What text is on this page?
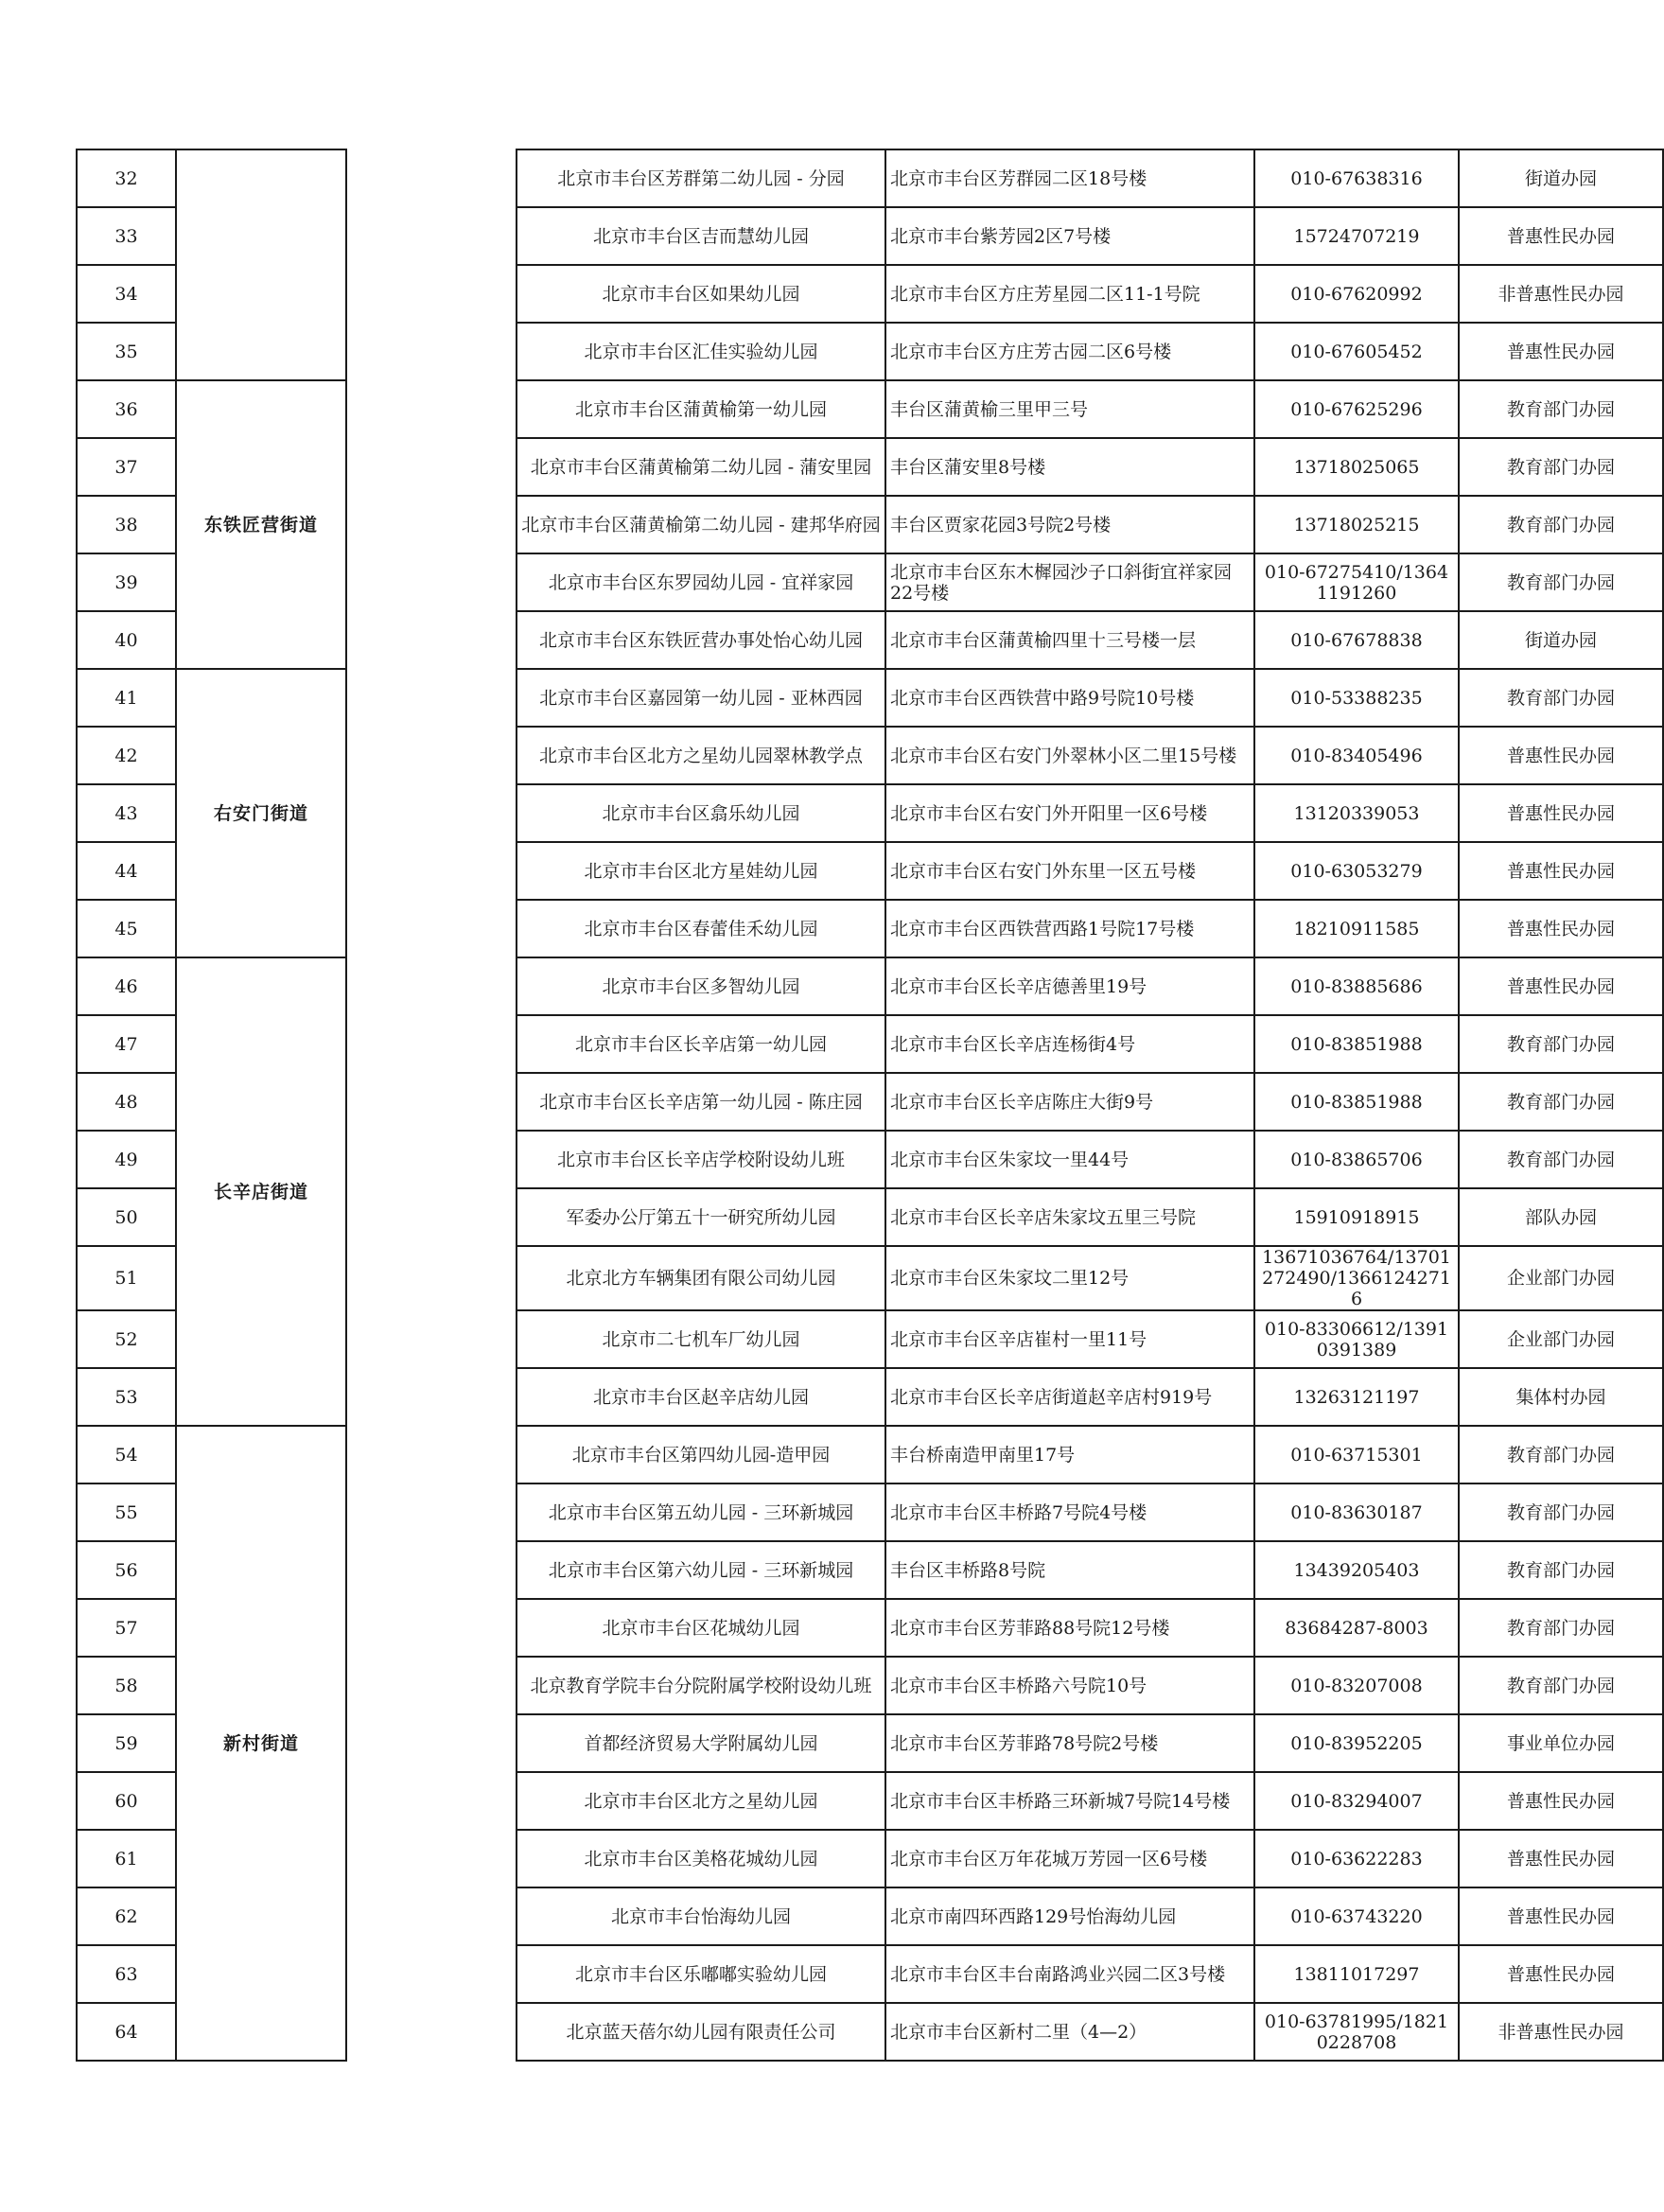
32			北京市丰台区芳群第二幼儿园 - 分园	北京市丰台区芳群园二区18号楼	010-67638316	街道办园
33			北京市丰台区吉而慧幼儿园	北京市丰台紫芳园2区7号楼	15724707219	普惠性民办园
34			北京市丰台区如果幼儿园	北京市丰台区方庄芳星园二区11-1号院	010-67620992	非普惠性民办园
35			北京市丰台区汇佳实验幼儿园	北京市丰台区方庄芳古园二区6号楼	010-67605452	普惠性民办园
36	东铁匠营街道		北京市丰台区蒲黄榆第一幼儿园	丰台区蒲黄榆三里甲三号	010-67625296	教育部门办园
37			北京市丰台区蒲黄榆第二幼儿园 - 蒲安里园	丰台区蒲安里8号楼	13718025065	教育部门办园
38			北京市丰台区蒲黄榆第二幼儿园 - 建邦华府园	丰台区贾家花园3号院2号楼	13718025215	教育部门办园
39			北京市丰台区东罗园幼儿园 - 宜祥家园	北京市丰台区东木樨园沙子口斜街宜祥家园22号楼	010-67275410/13641191260	教育部门办园
40			北京市丰台区东铁匠营办事处怡心幼儿园	北京市丰台区蒲黄榆四里十三号楼一层	010-67678838	街道办园
41	右安门街道		北京市丰台区嘉园第一幼儿园 - 亚林西园	北京市丰台区西铁营中路9号院10号楼	010-53388235	教育部门办园
42			北京市丰台区北方之星幼儿园翠林教学点	北京市丰台区右安门外翠林小区二里15号楼	010-83405496	普惠性民办园
43			北京市丰台区翕乐幼儿园	北京市丰台区右安门外开阳里一区6号楼	13120339053	普惠性民办园
44			北京市丰台区北方星娃幼儿园	北京市丰台区右安门外东里一区五号楼	010-63053279	普惠性民办园
45			北京市丰台区春蕾佳禾幼儿园	北京市丰台区西铁营西路1号院17号楼	18210911585	普惠性民办园
46	长辛店街道		北京市丰台区多智幼儿园	北京市丰台区长辛店德善里19号	010-83885686	普惠性民办园
47			北京市丰台区长辛店第一幼儿园	北京市丰台区长辛店连杨街4号	010-83851988	教育部门办园
48			北京市丰台区长辛店第一幼儿园 - 陈庄园	北京市丰台区长辛店陈庄大街9号	010-83851988	教育部门办园
49			北京市丰台区长辛店学校附设幼儿班	北京市丰台区朱家坟一里44号	010-83865706	教育部门办园
50			军委办公厅第五十一研究所幼儿园	北京市丰台区长辛店朱家坟五里三号院	15910918915	部队办园
51			北京北方车辆集团有限公司幼儿园	北京市丰台区朱家坟二里12号	13671036764/13701272490/13661242716	企业部门办园
52			北京市二七机车厂幼儿园	北京市丰台区辛店崔村一里11号	010-83306612/13910391389	企业部门办园
53			北京市丰台区赵辛店幼儿园	北京市丰台区长辛店街道赵辛店村919号	13263121197	集体村办园
54	新村街道		北京市丰台区第四幼儿园-造甲园	丰台桥南造甲南里17号	010-63715301	教育部门办园
55			北京市丰台区第五幼儿园 - 三环新城园	北京市丰台区丰桥路7号院4号楼	010-83630187	教育部门办园
56			北京市丰台区第六幼儿园 - 三环新城园	丰台区丰桥路8号院	13439205403	教育部门办园
57			北京市丰台区花城幼儿园	北京市丰台区芳菲路88号院12号楼	83684287-8003	教育部门办园
58			北京教育学院丰台分院附属学校附设幼儿班	北京市丰台区丰桥路六号院10号	010-83207008	教育部门办园
59			首都经济贸易大学附属幼儿园	北京市丰台区芳菲路78号院2号楼	010-83952205	事业单位办园
60			北京市丰台区北方之星幼儿园	北京市丰台区丰桥路三环新城7号院14号楼	010-83294007	普惠性民办园
61			北京市丰台区美格花城幼儿园	北京市丰台区万年花城万芳园一区6号楼	010-63622283	普惠性民办园
62			北京市丰台怡海幼儿园	北京市南四环西路129号怡海幼儿园	010-63743220	普惠性民办园
63			北京市丰台区乐嘟嘟实验幼儿园	北京市丰台区丰台南路鸿业兴园二区3号楼	13811017297	普惠性民办园
64			北京蓝天蓓尔幼儿园有限责任公司	北京市丰台区新村二里（4—2）	010-63781995/18210228708	非普惠性民办园
